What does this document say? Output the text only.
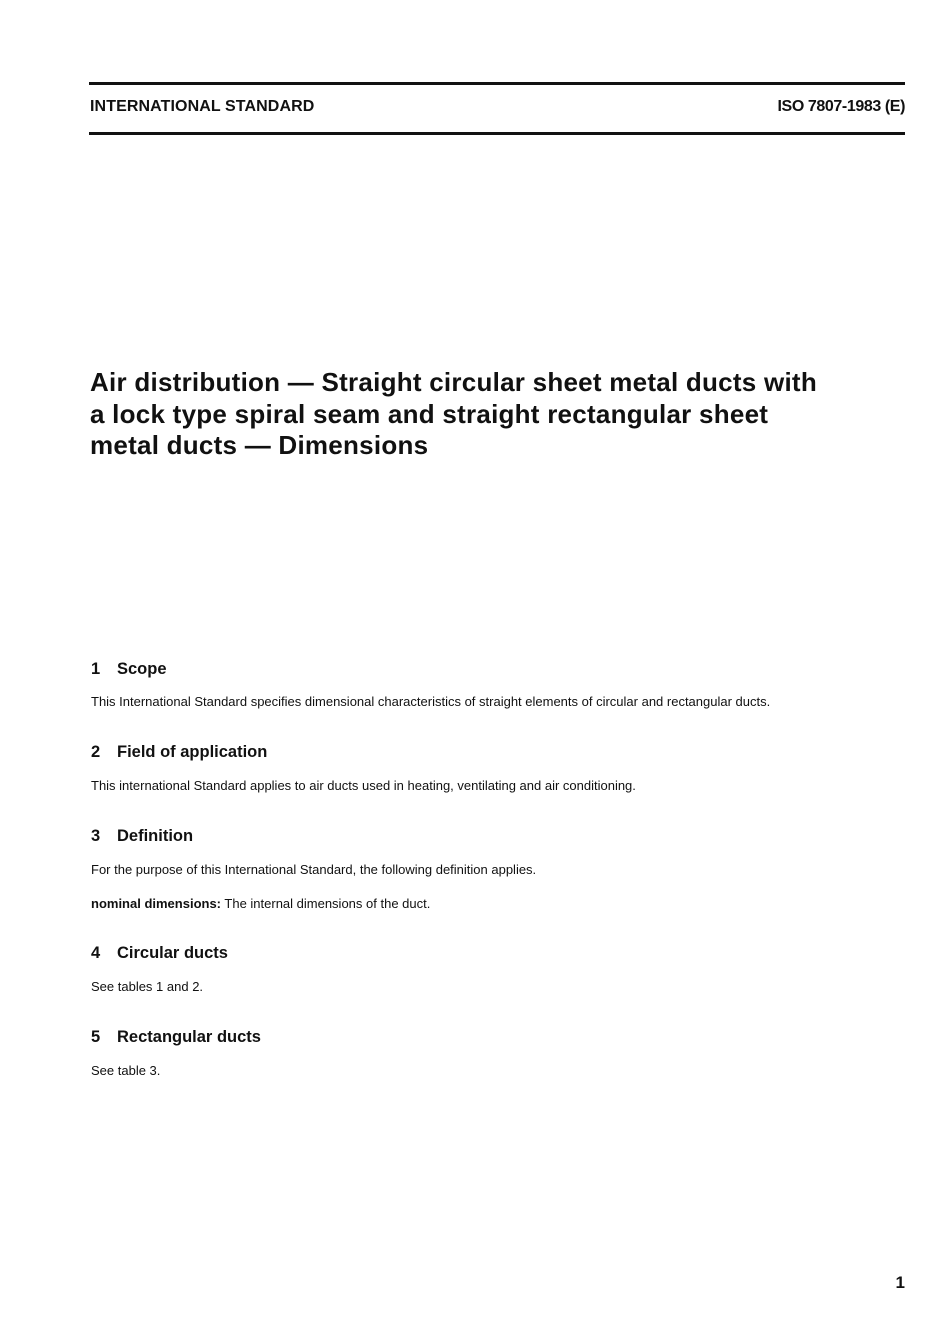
INTERNATIONAL STANDARD	ISO 7807-1983 (E)
Air distribution — Straight circular sheet metal ducts with
a lock type spiral seam and straight rectangular sheet
metal ducts — Dimensions
1 Scope

This International Standard specifies dimensional characteristics of straight elements of circular and rectangular ducts.

2 Field of application

This international Standard applies to air ducts used in heating, ventilating and air conditioning.

3 Definition

For the purpose of this International Standard, the following definition applies.

nominal dimensions: The internal dimensions of the duct.

4 Circular ducts

See tables 1 and 2.

5 Rectangular ducts

See table 3.

1
